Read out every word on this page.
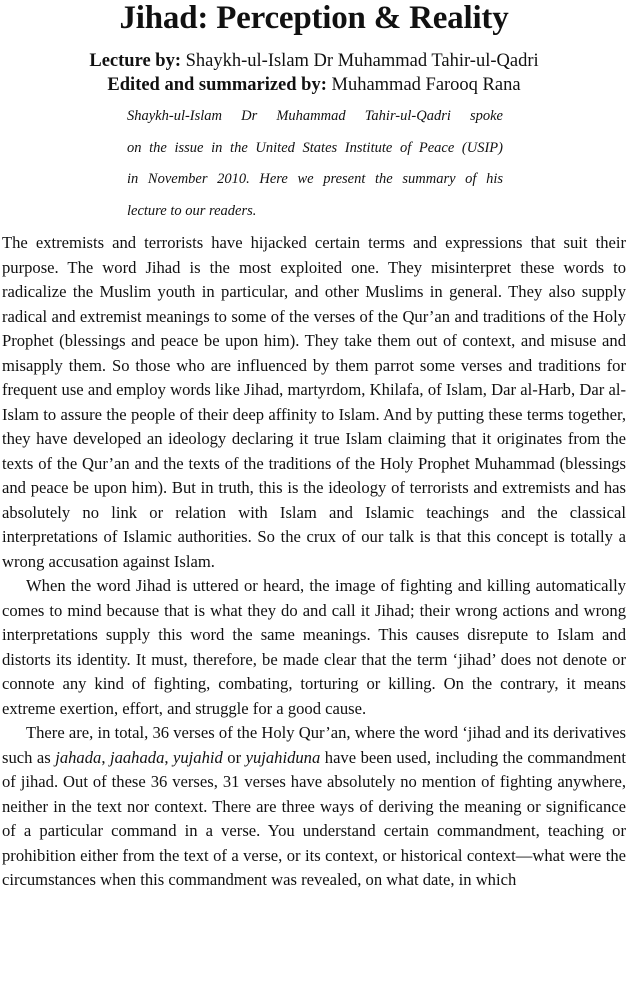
Jihad: Perception & Reality
Lecture by: Shaykh-ul-Islam Dr Muhammad Tahir-ul-Qadri
Edited and summarized by: Muhammad Farooq Rana
Shaykh-ul-Islam Dr Muhammad Tahir-ul-Qadri spoke
on the issue in the United States Institute of Peace (USIP)
in November 2010. Here we present the summary of his
lecture to our readers.

The extremists and terrorists have hijacked certain terms and expressions that suit their purpose. The word Jihad is the most exploited one. They misinterpret these words to radicalize the Muslim youth in particular, and other Muslims in general. They also supply radical and extremist meanings to some of the verses of the Qur’an and traditions of the Holy Prophet (blessings and peace be upon him). They take them out of context, and misuse and misapply them. So those who are influenced by them parrot some verses and traditions for frequent use and employ words like Jihad, martyrdom, Khilafa, of Islam, Dar al-Harb, Dar al-Islam to assure the people of their deep affinity to Islam. And by putting these terms together, they have developed an ideology declaring it true Islam claiming that it originates from the texts of the Qur’an and the texts of the traditions of the Holy Prophet Muhammad (blessings and peace be upon him). But in truth, this is the ideology of terrorists and extremists and has absolutely no link or relation with Islam and Islamic teachings and the classical interpretations of Islamic authorities. So the crux of our talk is that this concept is totally a wrong accusation against Islam.

When the word Jihad is uttered or heard, the image of fighting and killing automatically comes to mind because that is what they do and call it Jihad; their wrong actions and wrong interpretations supply this word the same meanings. This causes disrepute to Islam and distorts its identity. It must, therefore, be made clear that the term ‘jihad’ does not denote or connote any kind of fighting, combating, torturing or killing. On the contrary, it means extreme exertion, effort, and struggle for a good cause.

There are, in total, 36 verses of the Holy Qur’an, where the word ‘jihad and its derivatives such as jahada, jaahada, yujahid or yujahiduna have been used, including the commandment of jihad. Out of these 36 verses, 31 verses have absolutely no mention of fighting anywhere, neither in the text nor context. There are three ways of deriving the meaning or significance of a particular command in a verse. You understand certain commandment, teaching or prohibition either from the text of a verse, or its context, or historical context—what were the circumstances when this commandment was revealed, on what date, in which
